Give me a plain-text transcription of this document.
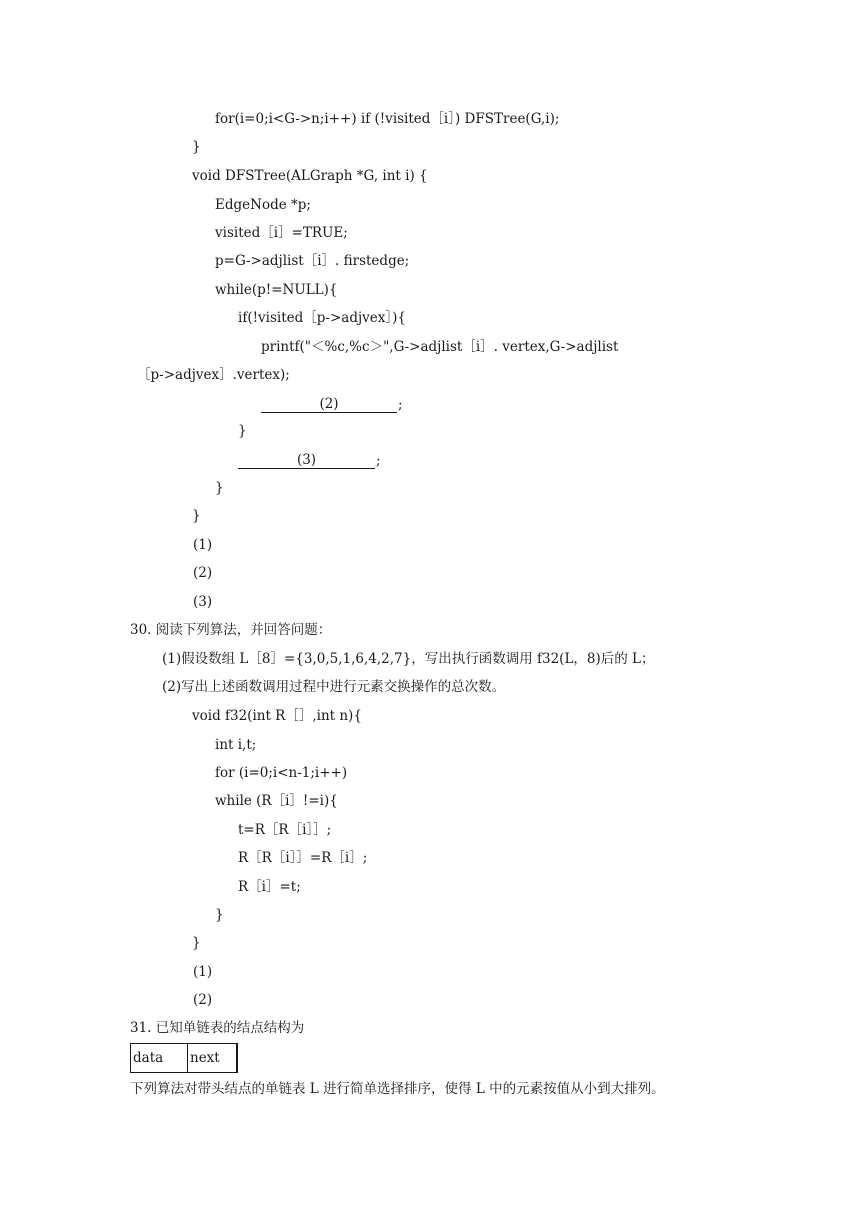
for(i=0;i<G->n;i++) if (!visited［i］) DFSTree(G,i);
}
void DFSTree(ALGraph *G, int i) {
EdgeNode *p;
visited［i］=TRUE;
p=G->adjlist［i］. firstedge;
while(p!=NULL){
if(!visited［p->adjvex］){
printf("＜%c,%c＞",G->adjlist［i］. vertex,G->adjlist
［p->adjvex］.vertex);
(2)	;
}
(3)	;
}
}
(1)
(2)
(3)
30. 阅读下列算法，并回答问题：
(1)假设数组 L［8］={3,0,5,1,6,4,2,7}，写出执行函数调用 f32(L，8)后的 L；
(2)写出上述函数调用过程中进行元素交换操作的总次数。
void f32(int R［］,int n){
int i,t;
for (i=0;i<n-1;i++)
while (R［i］!=i){
t=R［R［i］］;
R［R［i］］=R［i］;
R［i］=t;
}
}
(1)
(2)
31. 已知单链表的结点结构为
data	next
下列算法对带头结点的单链表 L 进行简单选择排序，使得 L 中的元素按值从小到大排列。
